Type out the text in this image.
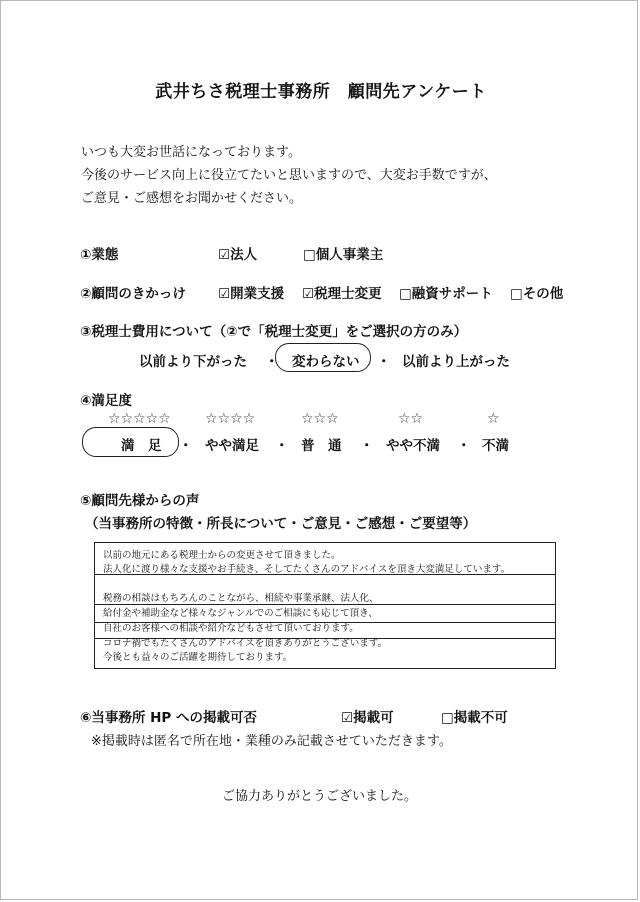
武井ちさ税理士事務所　顧問先アンケート
いつも大変お世話になっております。
今後のサービス向上に役立てたいと思いますので、大変お手数ですが、
ご意見・ご感想をお聞かせください。
①業態	☑法人	□個人事業主
②顧問のきかっけ ☑開業支援 ☑税理士変更 □融資サポート □その他
③税理士費用について（②で「税理士変更」をご選択の方のみ）
以前より下がった ・ 変わらない ・ 以前より上がった
④満足度
☆☆☆☆☆ ☆☆☆☆	☆☆☆	☆☆	☆
満　足 ・ やや満足 ・ 普　通 ・ やや不満 ・ 不満
⑤顧問先様からの声
（当事務所の特徴・所長について・ご意見・ご感想・ご要望等）
以前の地元にある税理士からの変更させて頂きました。
法人化に渡り様々な支援やお手続き、そしてたくさんのアドバイスを頂き大変満足しています。
税務の相談はもちろんのことながら、相続や事業承継、法人化、
給付金や補助金など様々なジャンルでのご相談にも応じて頂き、
自社のお客様への相談や紹介などもさせて頂いております。
コロナ禍でもたくさんのアドバイスを頂きありがとうございます。
今後とも益々のご活躍を期待しております。
⑥当事務所 HP への掲載可否	☑掲載可	□掲載不可
※掲載時は匿名で所在地・業種のみ記載させていただきます。
ご協力ありがとうございました。
